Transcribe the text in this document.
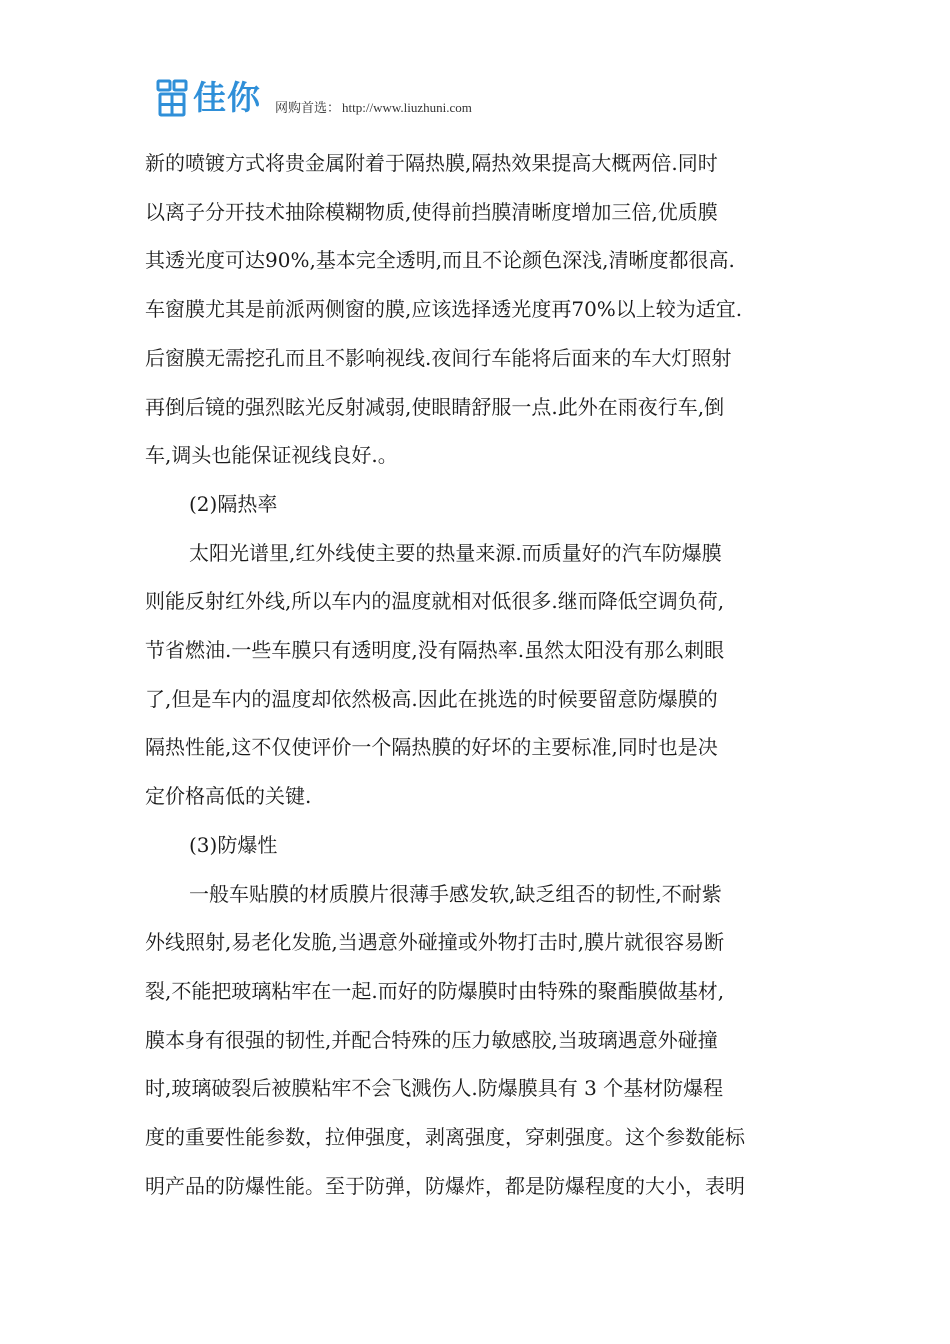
佳你 网购首选： http://www.liuzhuni.com

新的喷镀方式将贵金属附着于隔热膜,隔热效果提高大概两倍.同时

以离子分开技术抽除模糊物质,使得前挡膜清晰度增加三倍,优质膜

其透光度可达90%,基本完全透明,而且不论颜色深浅,清晰度都很高.

车窗膜尤其是前派两侧窗的膜,应该选择透光度再70%以上较为适宜.

后窗膜无需挖孔而且不影响视线.夜间行车能将后面来的车大灯照射

再倒后镜的强烈眩光反射减弱,使眼睛舒服一点.此外在雨夜行车,倒

车,调头也能保证视线良好.。

(2)隔热率

太阳光谱里,红外线使主要的热量来源.而质量好的汽车防爆膜

则能反射红外线,所以车内的温度就相对低很多.继而降低空调负荷,

节省燃油.一些车膜只有透明度,没有隔热率.虽然太阳没有那么刺眼

了,但是车内的温度却依然极高.因此在挑选的时候要留意防爆膜的

隔热性能,这不仅使评价一个隔热膜的好坏的主要标准,同时也是决

定价格高低的关键.

(3)防爆性

一般车贴膜的材质膜片很薄手感发软,缺乏组否的韧性,不耐紫

外线照射,易老化发脆,当遇意外碰撞或外物打击时,膜片就很容易断

裂,不能把玻璃粘牢在一起.而好的防爆膜时由特殊的聚酯膜做基材,

膜本身有很强的韧性,并配合特殊的压力敏感胶,当玻璃遇意外碰撞

时,玻璃破裂后被膜粘牢不会飞溅伤人.防爆膜具有 3 个基材防爆程

度的重要性能参数，拉伸强度，剥离强度，穿刺强度。这个参数能标

明产品的防爆性能。至于防弹，防爆炸，都是防爆程度的大小，表明
